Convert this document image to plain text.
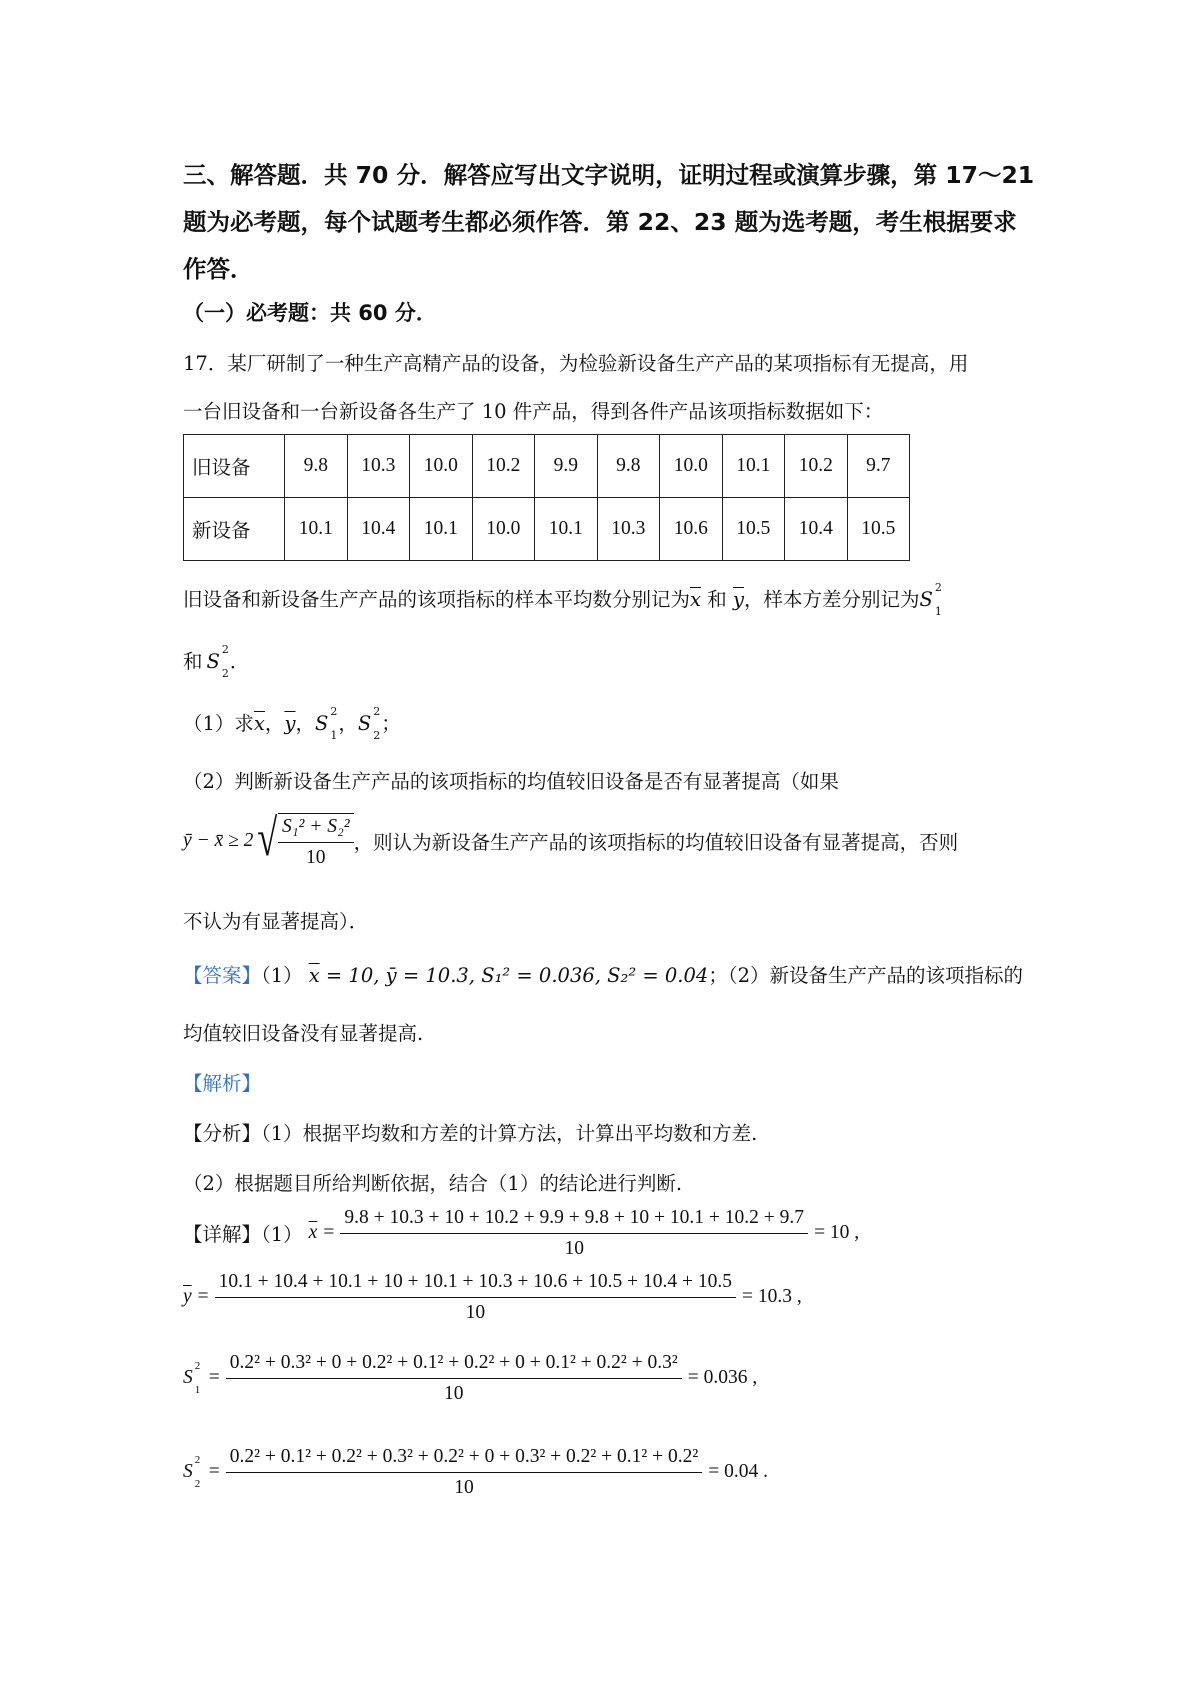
三、解答题．共 70 分．解答应写出文字说明，证明过程或演算步骤，第 17～21
题为必考题，每个试题考生都必须作答．第 22、23 题为选考题，考生根据要求
作答．
（一）必考题：共 60 分．
17．某厂研制了一种生产高精产品的设备，为检验新设备生产产品的某项指标有无提高，用
一台旧设备和一台新设备各生产了 10 件产品，得到各件产品该项指标数据如下：
旧设备	9.8	10.3	10.0	10.2	9.9	9.8	10.0	10.1	10.2	9.7
新设备	10.1	10.4	10.1	10.0	10.1	10.3	10.6	10.5	10.4	10.5
旧设备和新设备生产产品的该项指标的样本平均数分别记为$\overline{x}$ 和 $\overline{y}$，样本方差分别记为S
2
1
和 S
2
2
．
（1）求$\overline{x}$，$\overline{y}$，S
2
1
，S
2
2
；
（2）判断新设备生产产品的该项指标的均值较旧设备是否有显著提高（如果
ȳ − x̄ ≥ 2 √ $\frac{\text{S₁² + S₂²}}{10}$ ，则认为新设备生产产品的该项指标的均值较旧设备有显著提高，否则
不认为有显著提高）．
【答案】（1） $\overline{x} = 10$, ȳ = 10.3, S₁² = 0.036, S₂² = 0.04；（2）新设备生产产品的该项指标的
均值较旧设备没有显著提高.
【解析】
【分析】（1）根据平均数和方差的计算方法，计算出平均数和方差.
（2）根据题目所给判断依据，结合（1）的结论进行判断.
【详解】（1） $\overline{x} = \frac{9.8 + 10.3 + 10 + 10.2 + 9.9 + 9.8 + 10 + 10.1 + 10.2 + 9.7}{10} = 10$ ,
$\overline{y}$ =
10.1 + 10.4 + 10.1 + 10 + 10.1 + 10.3 + 10.6 + 10.5 + 10.4 + 10.5
10
= 10.3 ,
S
2
1
=
0.2² + 0.3² + 0 + 0.2² + 0.1² + 0.2² + 0 + 0.1² + 0.2² + 0.3²
10
= 0.036 ,
S
2
2
=
0.2² + 0.1² + 0.2² + 0.3² + 0.2² + 0 + 0.3² + 0.2² + 0.1² + 0.2²
10
= 0.04 .
